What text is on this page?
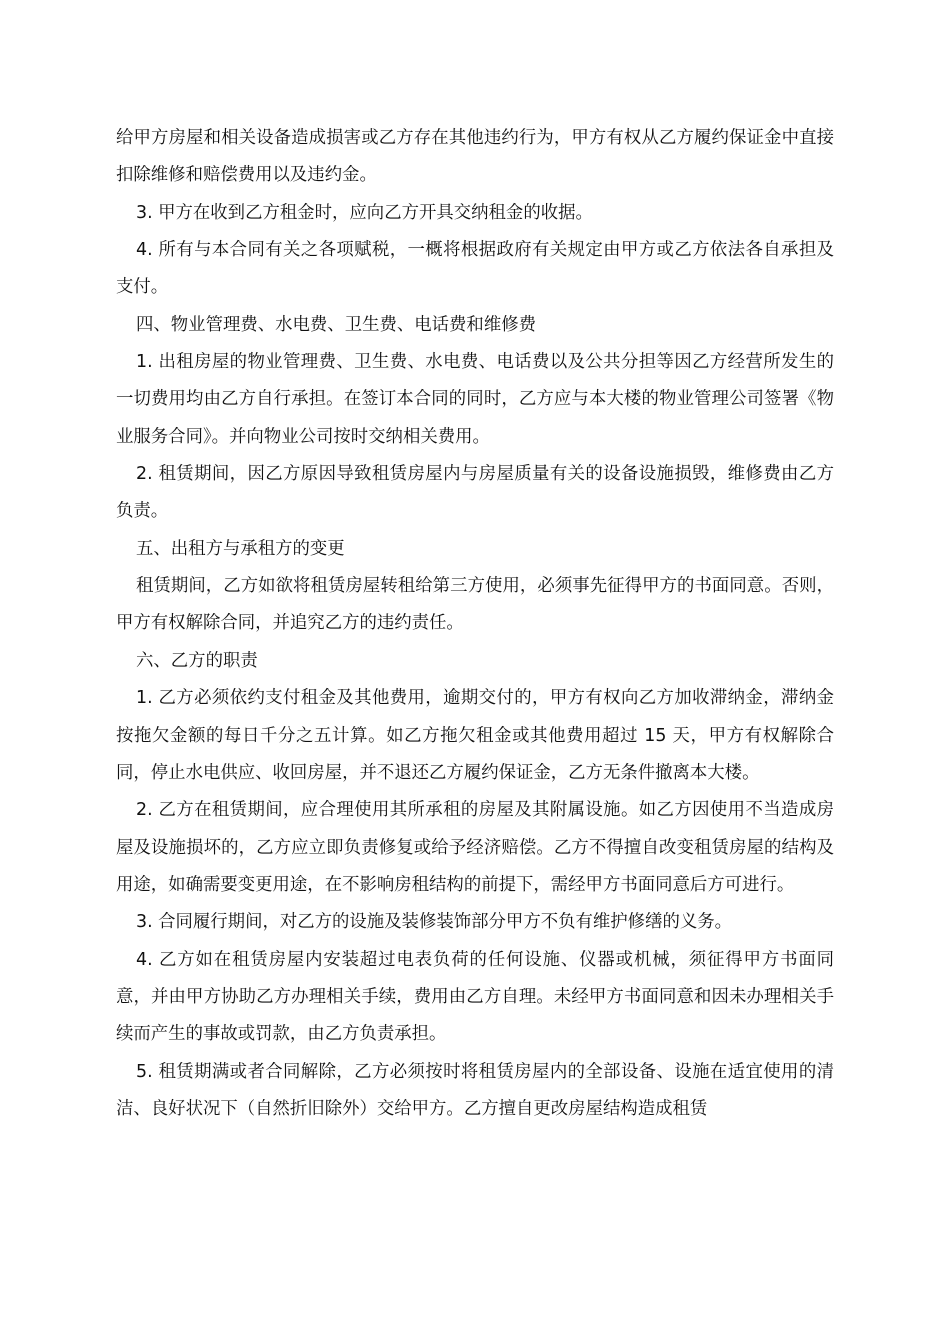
给甲方房屋和相关设备造成损害或乙方存在其他违约行为，甲方有权从乙方履约保证金中直接扣除维修和赔偿费用以及违约金。

3. 甲方在收到乙方租金时，应向乙方开具交纳租金的收据。

4. 所有与本合同有关之各项赋税，一概将根据政府有关规定由甲方或乙方依法各自承担及支付。

四、物业管理费、水电费、卫生费、电话费和维修费

1. 出租房屋的物业管理费、卫生费、水电费、电话费以及公共分担等因乙方经营所发生的一切费用均由乙方自行承担。在签订本合同的同时，乙方应与本大楼的物业管理公司签署《物业服务合同》。并向物业公司按时交纳相关费用。

2. 租赁期间，因乙方原因导致租赁房屋内与房屋质量有关的设备设施损毁，维修费由乙方负责。

五、出租方与承租方的变更

租赁期间，乙方如欲将租赁房屋转租给第三方使用，必须事先征得甲方的书面同意。否则，甲方有权解除合同，并追究乙方的违约责任。

六、乙方的职责

1. 乙方必须依约支付租金及其他费用，逾期交付的，甲方有权向乙方加收滞纳金，滞纳金按拖欠金额的每日千分之五计算。如乙方拖欠租金或其他费用超过 15 天，甲方有权解除合同，停止水电供应、收回房屋，并不退还乙方履约保证金，乙方无条件撤离本大楼。

2. 乙方在租赁期间，应合理使用其所承租的房屋及其附属设施。如乙方因使用不当造成房屋及设施损坏的，乙方应立即负责修复或给予经济赔偿。乙方不得擅自改变租赁房屋的结构及用途，如确需要变更用途，在不影响房租结构的前提下，需经甲方书面同意后方可进行。

3. 合同履行期间，对乙方的设施及装修装饰部分甲方不负有维护修缮的义务。

4. 乙方如在租赁房屋内安装超过电表负荷的任何设施、仪器或机械，须征得甲方书面同意，并由甲方协助乙方办理相关手续，费用由乙方自理。未经甲方书面同意和因未办理相关手续而产生的事故或罚款，由乙方负责承担。

5. 租赁期满或者合同解除，乙方必须按时将租赁房屋内的全部设备、设施在适宜使用的清洁、良好状况下（自然折旧除外）交给甲方。乙方擅自更改房屋结构造成租赁
